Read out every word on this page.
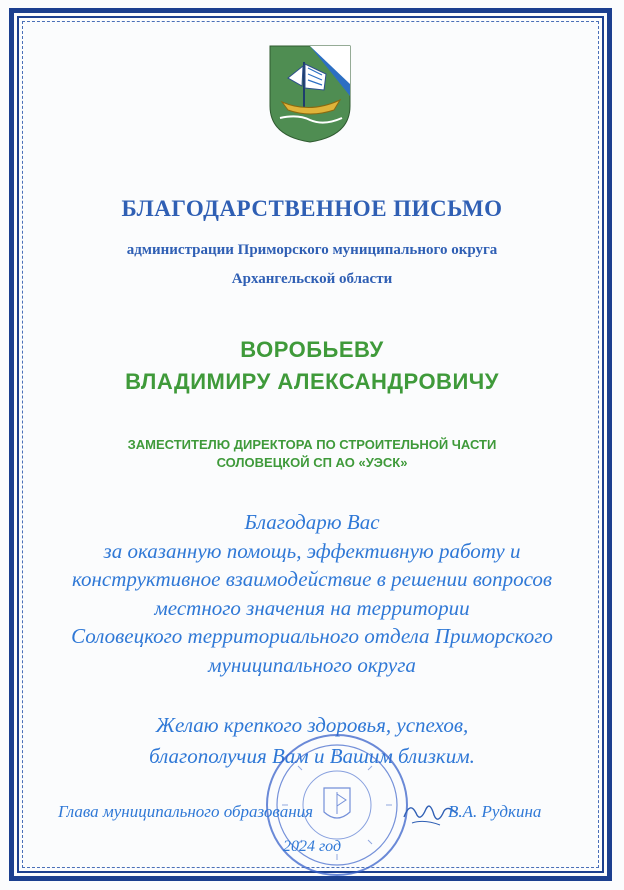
БЛАГОДАРСТВЕННОЕ ПИСЬМО
администрации Приморского муниципального округа
Архангельской области
ВОРОБЬЕВУ
ВЛАДИМИРУ АЛЕКСАНДРОВИЧУ
ЗАМЕСТИТЕЛЮ ДИРЕКТОРА ПО СТРОИТЕЛЬНОЙ ЧАСТИ
СОЛОВЕЦКОЙ СП АО «УЭСК»
Благодарю Вас
за оказанную помощь, эффективную работу и
конструктивное взаимодействие в решении вопросов
местного значения на территории
Соловецкого территориального отдела Приморского
муниципального округа
Желаю крепкого здоровья, успехов,
благополучия Вам и Вашим близким.
Глава муниципального образования	В.А. Рудкина
2024 год
